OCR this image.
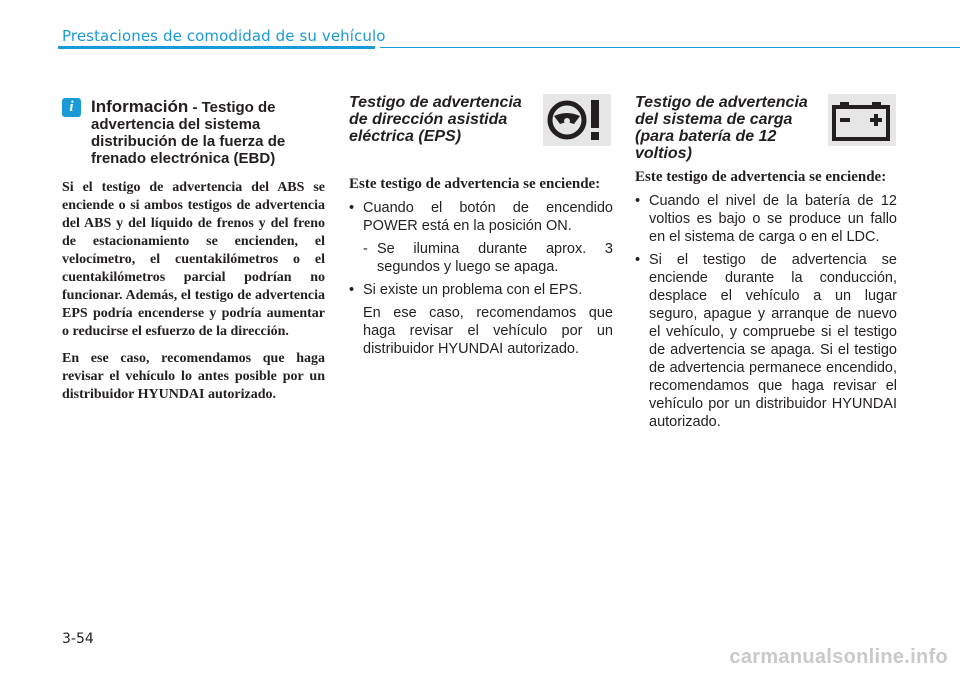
Prestaciones de comodidad de su vehículo
i	Información - Testigo de advertencia del sistema distribución de la fuerza de frenado electrónica (EBD)

Si el testigo de advertencia del ABS se enciende o si ambos testigos de advertencia del ABS y del líquido de frenos y del freno de estacionamiento se encienden, el velocímetro, el cuentakilómetros o el cuentakilómetros parcial podrían no funcionar. Además, el testigo de advertencia EPS podría encenderse y podría aumentar o reducirse el esfuerzo de la dirección.

En ese caso, recomendamos que haga revisar el vehículo lo antes posible por un distribuidor HYUNDAI autorizado.

Testigo de advertencia de dirección asistida eléctrica (EPS)

Este testigo de advertencia se enciende:

• Cuando el botón de encendido POWER está en la posición ON.
- Se ilumina durante aprox. 3 segundos y luego se apaga.
• Si existe un problema con el EPS.

En ese caso, recomendamos que haga revisar el vehículo por un distribuidor HYUNDAI autorizado.

Testigo de advertencia del sistema de carga (para batería de 12 voltios)

Este testigo de advertencia se enciende:

• Cuando el nivel de la batería de 12 voltios es bajo o se produce un fallo en el sistema de carga o en el LDC.
• Si el testigo de advertencia se enciende durante la conducción, desplace el vehículo a un lugar seguro, apague y arranque de nuevo el vehículo, y compruebe si el testigo de advertencia se apaga. Si el testigo de advertencia permanece encendido, recomendamos que haga revisar el vehículo por un distribuidor HYUNDAI autorizado.
3-54
carmanualsonline.info
